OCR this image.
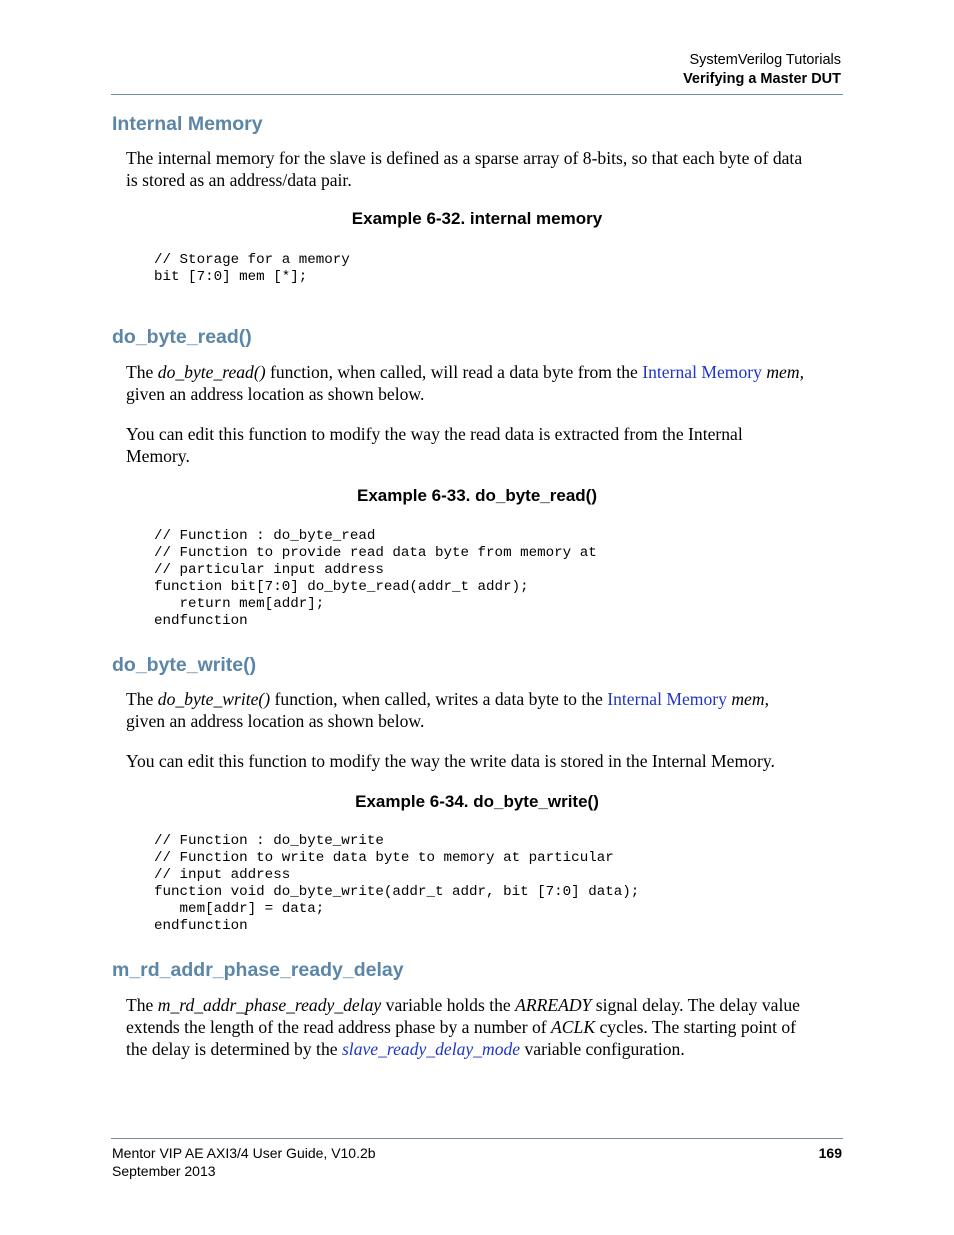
SystemVerilog Tutorials
Verifying a Master DUT
Internal Memory
The internal memory for the slave is defined as a sparse array of 8-bits, so that each byte of data
is stored as an address/data pair.
Example 6-32. internal memory
// Storage for a memory
bit [7:0] mem [*];
do_byte_read()
The do_byte_read() function, when called, will read a data byte from the Internal Memory mem,
given an address location as shown below.
You can edit this function to modify the way the read data is extracted from the Internal
Memory.
Example 6-33. do_byte_read()
// Function : do_byte_read
// Function to provide read data byte from memory at
// particular input address
function bit[7:0] do_byte_read(addr_t addr);
return mem[addr];
endfunction
do_byte_write()
The do_byte_write() function, when called, writes a data byte to the Internal Memory mem,
given an address location as shown below.
You can edit this function to modify the way the write data is stored in the Internal Memory.
Example 6-34. do_byte_write()
// Function : do_byte_write
// Function to write data byte to memory at particular
// input address
function void do_byte_write(addr_t addr, bit [7:0] data);
mem[addr] = data;
endfunction
m_rd_addr_phase_ready_delay
The m_rd_addr_phase_ready_delay variable holds the ARREADY signal delay. The delay value
extends the length of the read address phase by a number of ACLK cycles. The starting point of
the delay is determined by the slave_ready_delay_mode variable configuration.
Mentor VIP AE AXI3/4 User Guide, V10.2b
September 2013
169
